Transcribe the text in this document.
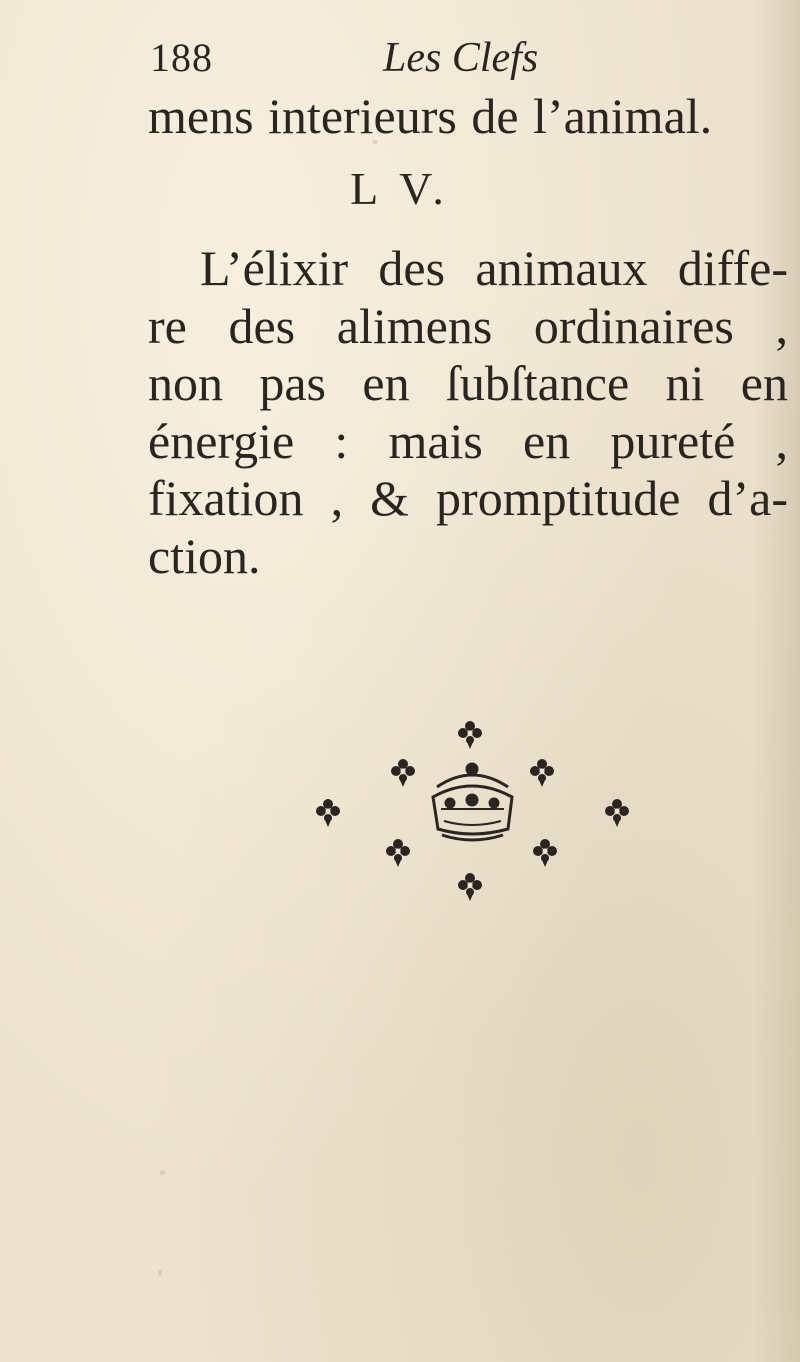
188	Les Clefs
mens interieurs de l’animal.
L V.
L’élixir des animaux diffe-
re des alimens ordinaires ,
non pas en ſubſtance ni en
énergie : mais en pureté ,
fixation , & promptitude d’a-
ction.
